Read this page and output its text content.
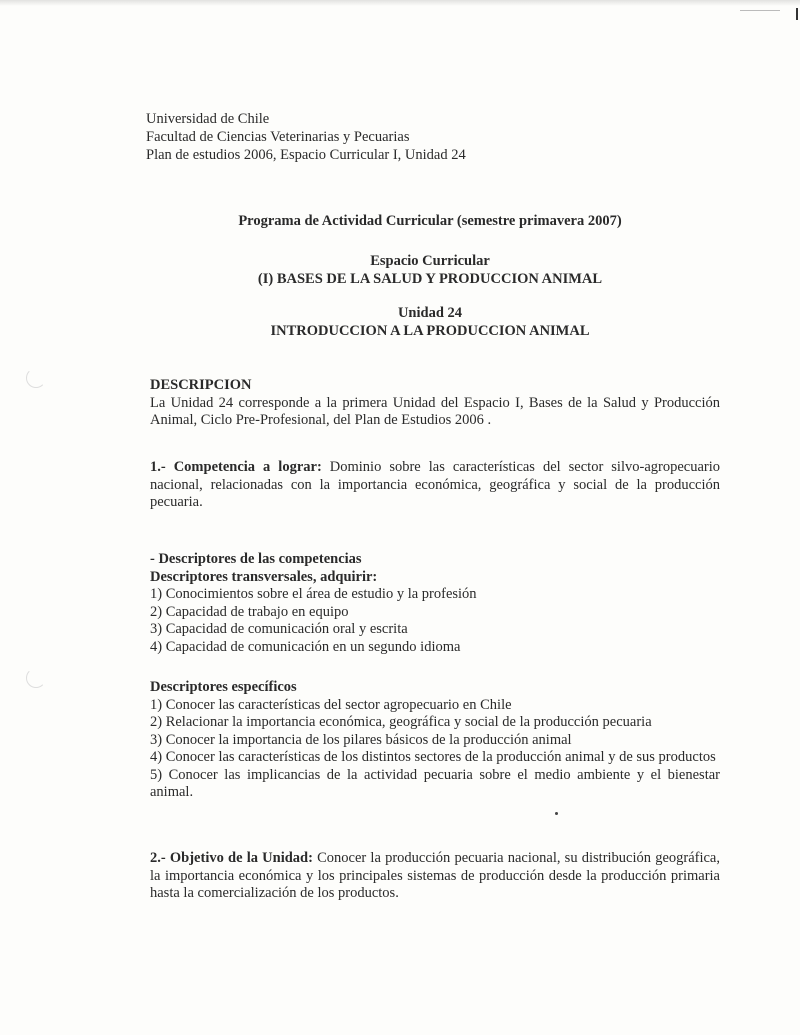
Universidad de Chile
Facultad de Ciencias Veterinarias y Pecuarias
Plan de estudios 2006, Espacio Curricular I, Unidad 24
Programa de Actividad Curricular (semestre primavera 2007)
Espacio Curricular
(I) BASES DE LA SALUD Y PRODUCCION ANIMAL
Unidad 24
INTRODUCCION A LA PRODUCCION ANIMAL
DESCRIPCION
La Unidad 24 corresponde a la primera Unidad del Espacio I, Bases de la Salud y Producción Animal, Ciclo Pre-Profesional, del Plan de Estudios 2006 .
1.- Competencia a lograr: Dominio sobre las características del sector silvo-agropecuario nacional, relacionadas con la importancia económica, geográfica y social de la producción pecuaria.
- Descriptores de las competencias
Descriptores transversales, adquirir:
1) Conocimientos sobre el área de estudio y la profesión
2) Capacidad de trabajo en equipo
3) Capacidad de comunicación oral y escrita
4) Capacidad de comunicación en un segundo idioma
Descriptores específicos
1) Conocer las características del sector agropecuario en Chile
2) Relacionar la importancia económica, geográfica y social de la producción pecuaria
3) Conocer la importancia de los pilares básicos de la producción animal
4) Conocer las características de los distintos sectores de la producción animal y de sus productos
5) Conocer las implicancias de la actividad pecuaria sobre el medio ambiente y el bienestar animal.
2.- Objetivo de la Unidad: Conocer la producción pecuaria nacional, su distribución geográfica, la importancia económica y los principales sistemas de producción desde la producción primaria hasta la comercialización de los productos.
